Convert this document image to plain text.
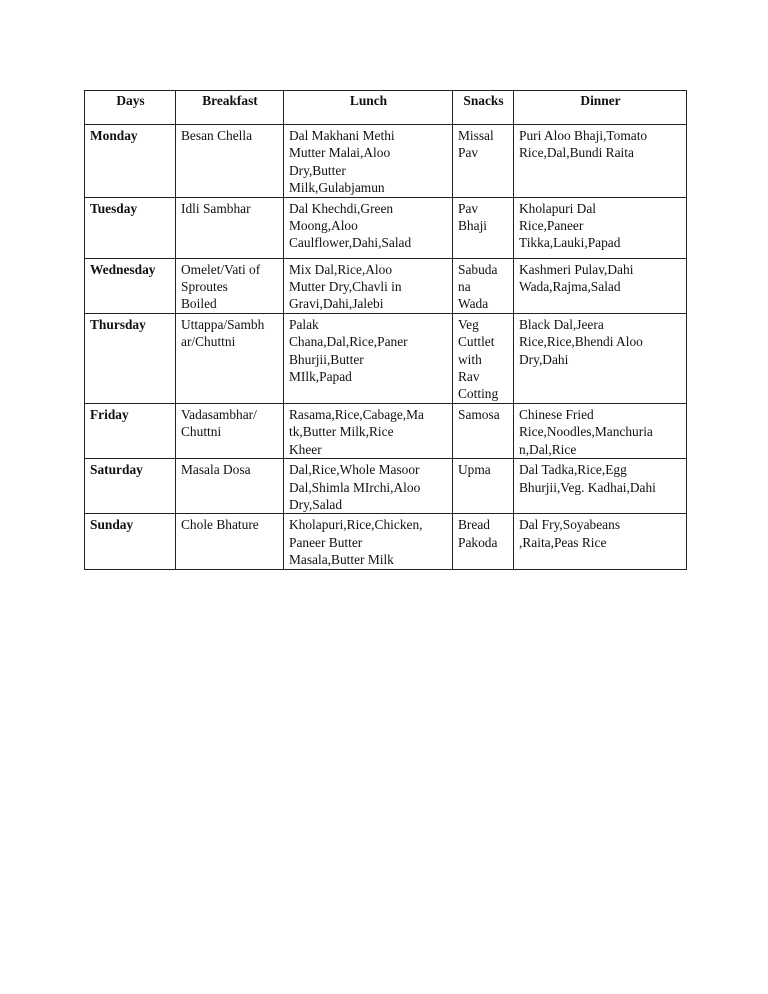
Days	Breakfast	Lunch	Snacks	Dinner
Monday	Besan Chella	Dal Makhani Methi
Mutter Malai,Aloo
Dry,Butter
Milk,Gulabjamun	Missal
Pav	Puri Aloo Bhaji,Tomato
Rice,Dal,Bundi Raita
Tuesday	Idli Sambhar	Dal Khechdi,Green
Moong,Aloo
Caulflower,Dahi,Salad	Pav
Bhaji	Kholapuri Dal
Rice,Paneer
Tikka,Lauki,Papad
Wednesday	Omelet/Vati of
Sproutes
Boiled	Mix Dal,Rice,Aloo
Mutter Dry,Chavli in
Gravi,Dahi,Jalebi	Sabuda
na
Wada	Kashmeri Pulav,Dahi
Wada,Rajma,Salad
Thursday	Uttappa/Sambh
ar/Chuttni	Palak
Chana,Dal,Rice,Paner
Bhurjii,Butter
MIlk,Papad	Veg
Cuttlet
with
Rav
Cotting	Black Dal,Jeera
Rice,Rice,Bhendi Aloo
Dry,Dahi
Friday	Vadasambhar/
Chuttni	Rasama,Rice,Cabage,Ma
tk,Butter Milk,Rice
Kheer	Samosa	Chinese Fried
Rice,Noodles,Manchuria
n,Dal,Rice
Saturday	Masala Dosa	Dal,Rice,Whole Masoor
Dal,Shimla MIrchi,Aloo
Dry,Salad	Upma	Dal Tadka,Rice,Egg
Bhurjii,Veg. Kadhai,Dahi
Sunday	Chole Bhature	Kholapuri,Rice,Chicken,
Paneer Butter
Masala,Butter Milk	Bread
Pakoda	Dal Fry,Soyabeans
,Raita,Peas Rice
